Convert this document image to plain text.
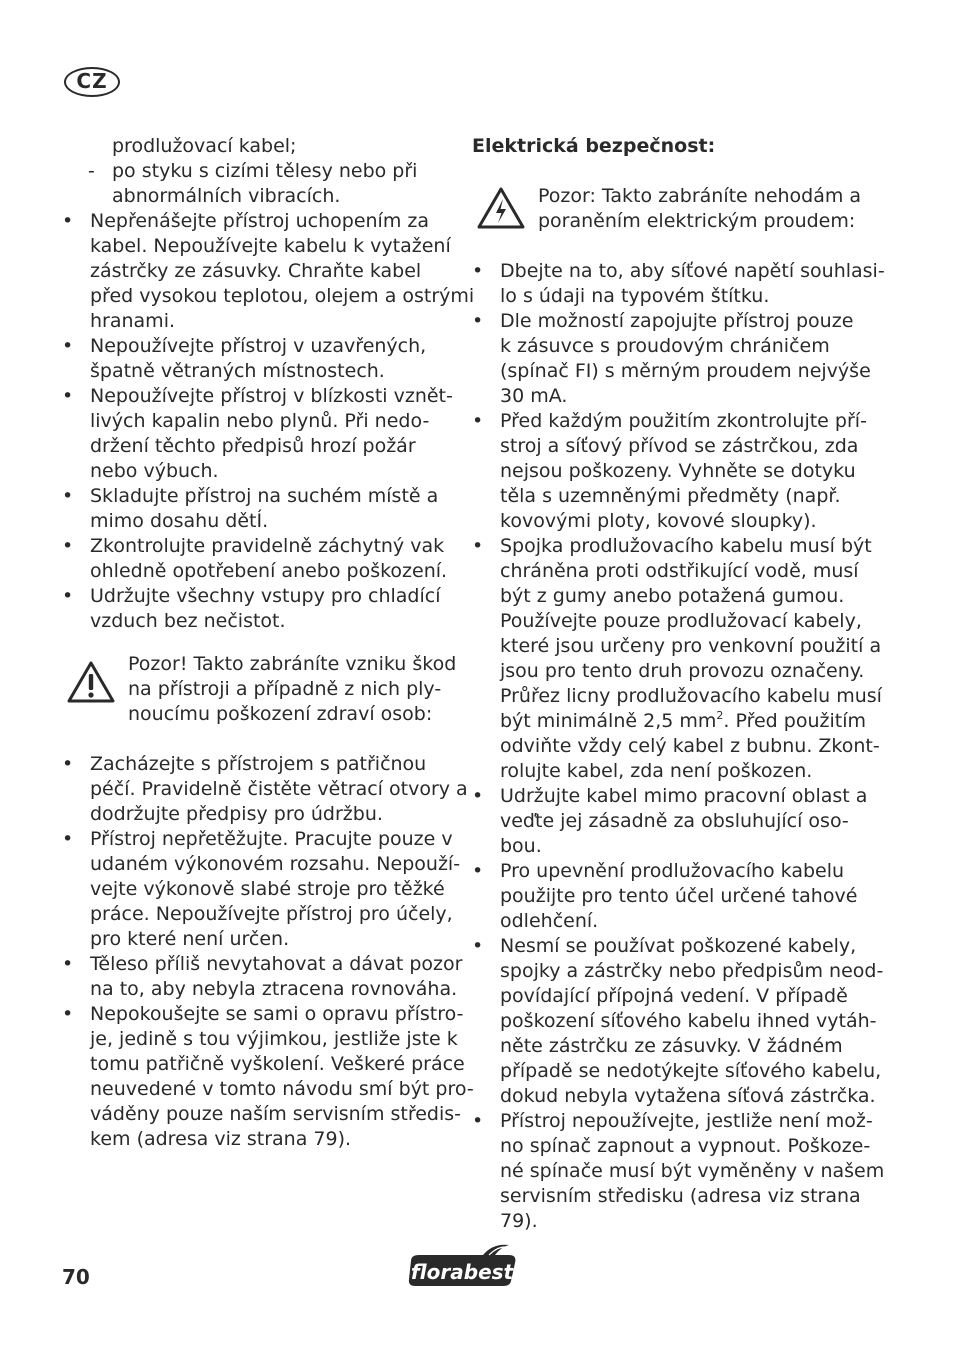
CZ
prodlužovací kabel;
- po styku s cizími tělesy nebo při
abnormálních vibracích.
• Nepřenášejte přístroj uchopením za
kabel. Nepoužívejte kabelu k vytažení
zástrčky ze zásuvky. Chraňte kabel
před vysokou teplotou, olejem a ostrými
hranami.
• Nepoužívejte přístroj v uzavřených,
špatně větraných místnostech.
• Nepoužívejte přístroj v blízkosti vznět-
livých kapalin nebo plynů. Při nedo-
držení těchto předpisů hrozí požár
nebo výbuch.
• Skladujte přístroj na suchém místě a
mimo dosahu dětÍ.
• Zkontrolujte pravidelně záchytný vak
ohledně opotřebení anebo poškození.
• Udržujte všechny vstupy pro chladící
vzduch bez nečistot.
Pozor! Takto zabráníte vzniku škod
na přístroji a případně z nich ply-
noucímu poškození zdraví osob:
• Zacházejte s přístrojem s patřičnou
péčí. Pravidelně čistěte větrací otvory a
dodržujte předpisy pro údržbu.
• Přístroj nepřetěžujte. Pracujte pouze v
udaném výkonovém rozsahu. Nepouží-
vejte výkonově slabé stroje pro těžké
práce. Nepoužívejte přístroj pro účely,
pro které není určen.
• Těleso příliš nevytahovat a dávat pozor
na to, aby nebyla ztracena rovnováha.
• Nepokoušejte se sami o opravu přístro-
je, jedině s tou výjimkou, jestliže jste k
tomu patřičně vyškolení. Veškeré práce
neuvedené v tomto návodu smí být pro-
váděny pouze naším servisním středis-
kem (adresa viz strana 79).
Elektrická bezpečnost:
Pozor: Takto zabráníte nehodám a
poraněním elektrickým proudem:
• Dbejte na to, aby síťové napětí souhlasi-
lo s údaji na typovém štítku.
• Dle možností zapojujte přístroj pouze
k zásuvce s proudovým chráničem
(spínač FI) s měrným proudem nejvýše
30 mA.
• Před každým použitím zkontrolujte pří-
stroj a síťový přívod se zástrčkou, zda
nejsou poškozeny. Vyhněte se dotyku
těla s uzemněnými předměty (např.
kovovými ploty, kovové sloupky).
• Spojka prodlužovacího kabelu musí být
chráněna proti odstřikující vodě, musí
být z gumy anebo potažená gumou.
Používejte pouze prodlužovací kabely,
které jsou určeny pro venkovní použití a
jsou pro tento druh provozu označeny.
Průřez licny prodlužovacího kabelu musí
být minimálně 2,5 $mm^2$. Před použitím
odviňte vždy celý kabel z bubnu. Zkont-
rolujte kabel, zda není poškozen.
• Udržujte kabel mimo pracovní oblast a
veďte jej zásadně za obsluhující oso-
bou.
• Pro upevnění prodlužovacího kabelu
použijte pro tento účel určené tahové
odlehčení.
• Nesmí se používat poškozené kabely,
spojky a zástrčky nebo předpisům neod-
povídající přípojná vedení. V případě
poškození síťového kabelu ihned vytáh-
něte zástrčku ze zásuvky. V žádném
případě se nedotýkejte síťového kabelu,
dokud nebyla vytažena síťová zástrčka.
• Přístroj nepoužívejte, jestliže není mož-
no spínač zapnout a vypnout. Poškoze-
né spínače musí být vyměněny v našem
servisním středisku (adresa viz strana
79).
70	florabest
